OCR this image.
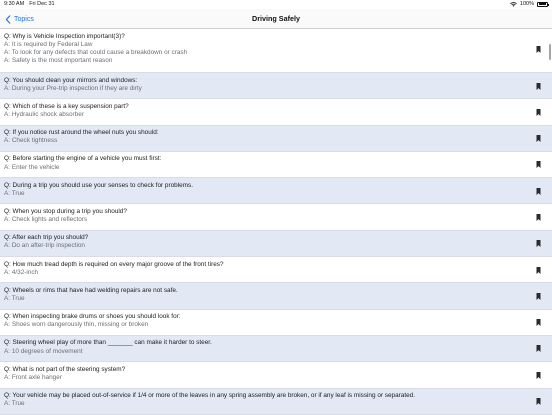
9:30 AM Fri Dec 31	100%
Topics	Driving Safely
Q: Why is Vehicle Inspection important(3)?
A: It is required by Federal Law
A: To look for any defects that could cause a breakdown or crash
A: Safety is the most important reason
Q: You should clean your mirrors and windows:
A: During your Pre-trip inspection if they are dirty
Q: Which of these is a key suspension part?
A: Hydraulic shock absorber
Q: If you notice rust around the wheel nuts you should:
A: Check tightness
Q: Before starting the engine of a vehicle you must first:
A: Enter the vehicle
Q: During a trip you should use your senses to check for problems.
A: True
Q: When you stop during a trip you should?
A: Check lights and reflectors
Q: After each trip you should?
A: Do an after-trip inspection
Q: How much tread depth is required on every major groove of the front tires?
A: 4/32-inch
Q: Wheels or rims that have had welding repairs are not safe.
A: True
Q: When inspecting brake drums or shoes you should look for:
A: Shoes worn dangerously thin, missing or broken
Q: Steering wheel play of more than _______ can make it harder to steer.
A: 10 degrees of movement
Q: What is not part of the steering system?
A: Front axle hanger
Q: Your vehicle may be placed out-of-service if 1/4 or more of the leaves in any spring assembly are broken, or if any leaf is missing or separated.
A: True
